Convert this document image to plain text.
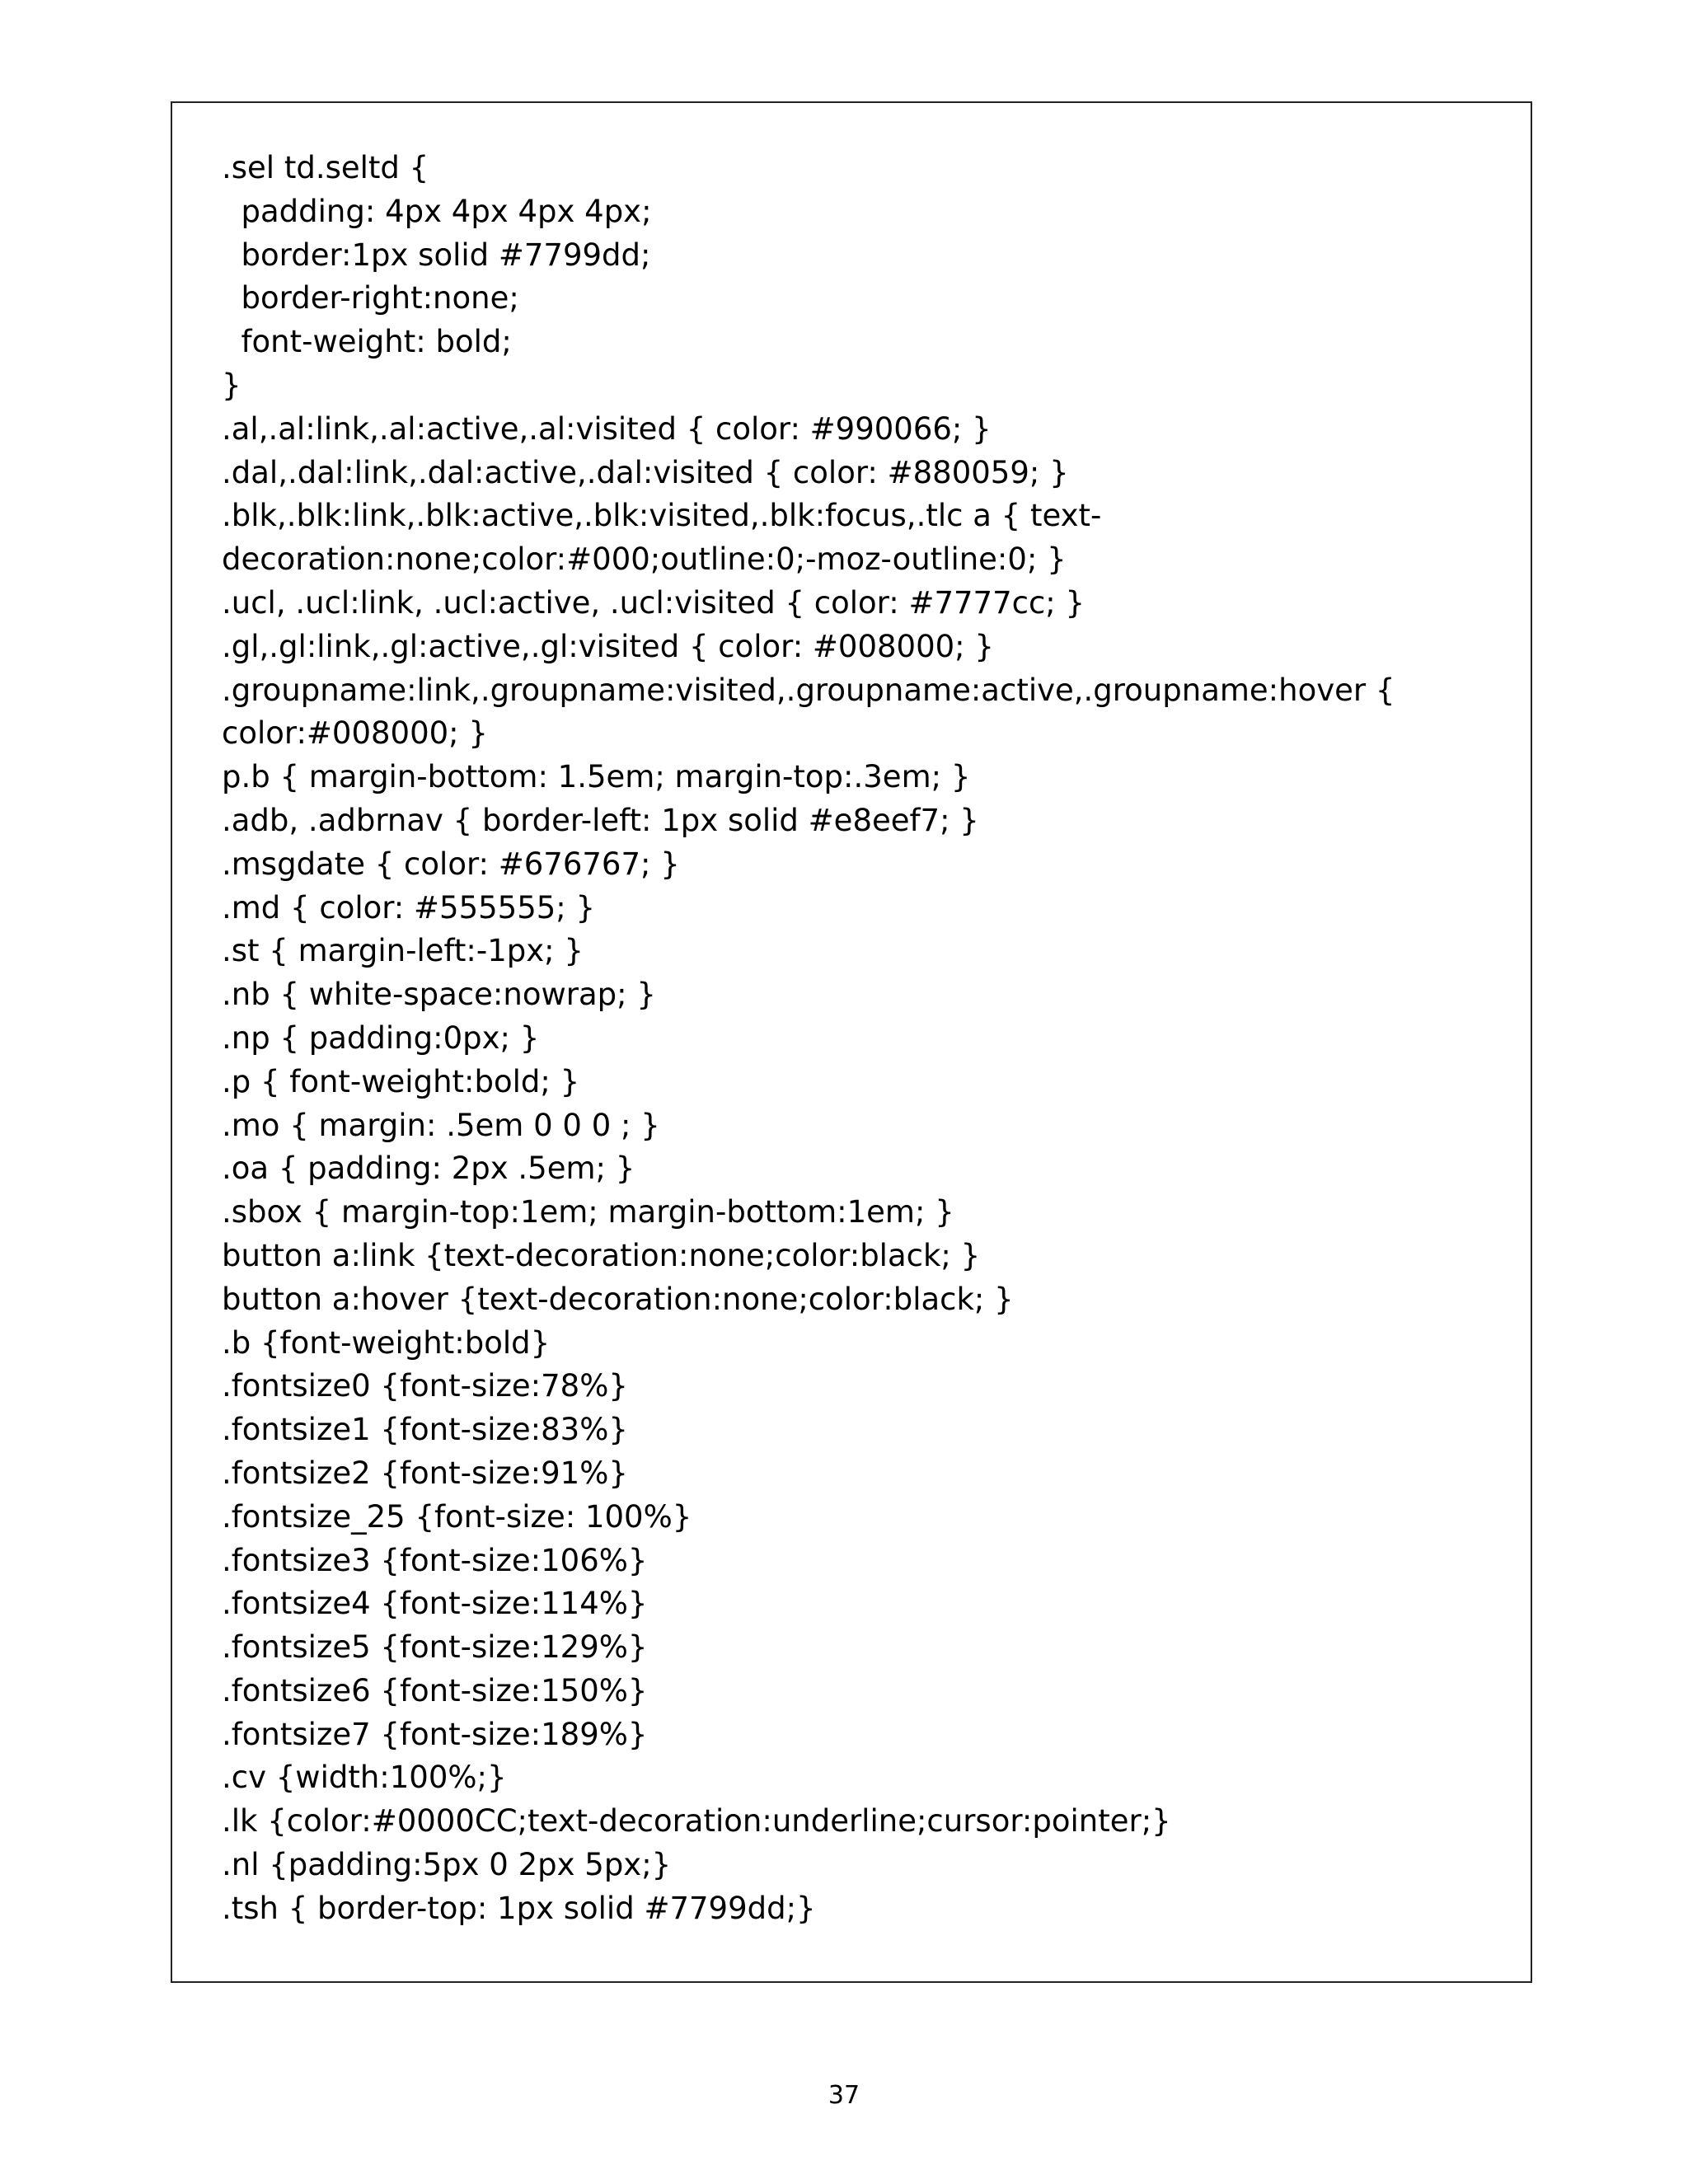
.sel td.seltd {
padding: 4px 4px 4px 4px;
border:1px solid #7799dd;
border-right:none;
font-weight: bold;
}
.al,.al:link,.al:active,.al:visited { color: #990066; }
.dal,.dal:link,.dal:active,.dal:visited { color: #880059; }
.blk,.blk:link,.blk:active,.blk:visited,.blk:focus,.tlc a { text-
decoration:none;color:#000;outline:0;-moz-outline:0; }
.ucl, .ucl:link, .ucl:active, .ucl:visited { color: #7777cc; }
.gl,.gl:link,.gl:active,.gl:visited { color: #008000; }
.groupname:link,.groupname:visited,.groupname:active,.groupname:hover {
color:#008000; }
p.b { margin-bottom: 1.5em; margin-top:.3em; }
.adb, .adbrnav { border-left: 1px solid #e8eef7; }
.msgdate { color: #676767; }
.md { color: #555555; }
.st { margin-left:-1px; }
.nb { white-space:nowrap; }
.np { padding:0px; }
.p { font-weight:bold; }
.mo { margin: .5em 0 0 0 ; }
.oa { padding: 2px .5em; }
.sbox { margin-top:1em; margin-bottom:1em; }
button a:link {text-decoration:none;color:black; }
button a:hover {text-decoration:none;color:black; }
.b {font-weight:bold}
.fontsize0 {font-size:78%}
.fontsize1 {font-size:83%}
.fontsize2 {font-size:91%}
.fontsize_25 {font-size: 100%}
.fontsize3 {font-size:106%}
.fontsize4 {font-size:114%}
.fontsize5 {font-size:129%}
.fontsize6 {font-size:150%}
.fontsize7 {font-size:189%}
.cv {width:100%;}
.lk {color:#0000CC;text-decoration:underline;cursor:pointer;}
.nl {padding:5px 0 2px 5px;}
.tsh { border-top: 1px solid #7799dd;}
37
